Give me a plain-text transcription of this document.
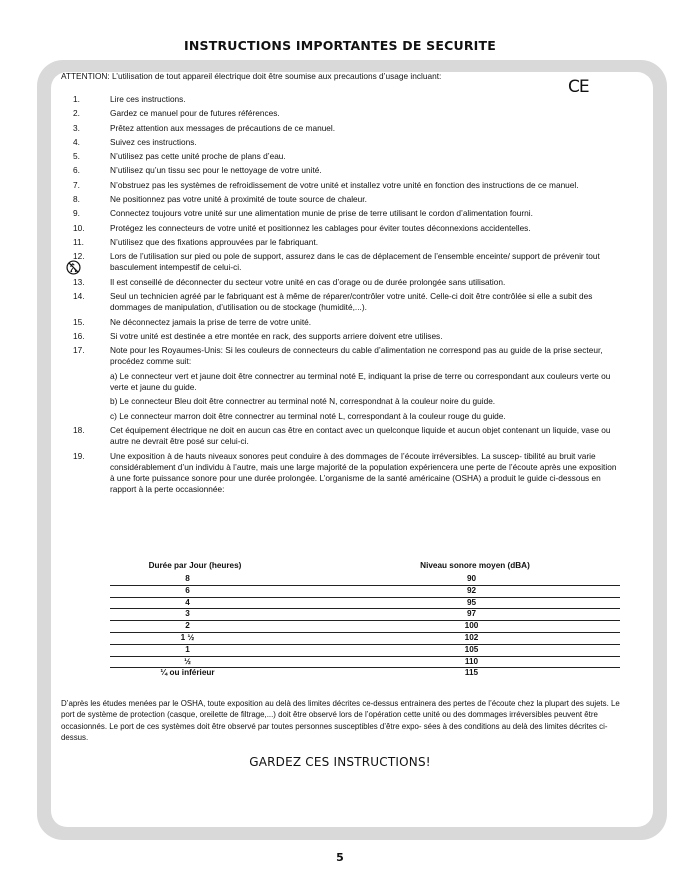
INSTRUCTIONS IMPORTANTES DE SECURITE
ATTENTION: L’utilisation de tout appareil électrique doit être soumise aux precautions d’usage incluant:
CE
1.	Lire ces instructions.

2.	Gardez ce manuel pour de futures références.

3.	Prêtez attention aux messages de précautions de ce manuel.

4.	Suivez ces instructions.

5.	N’utilisez pas cette unité proche de plans d’eau.

6.	N’utilisez qu’un tissu sec pour le nettoyage de votre unité.

7.	N’obstruez pas les systèmes de refroidissement de votre unité et installez votre unité en fonction des instructions de ce manuel.

8.	Ne positionnez pas votre unité à proximité de toute source de chaleur.

9.	Connectez toujours votre unité sur une alimentation munie de prise de terre utilisant le cordon d’alimentation fourni.

10.	Protégez les connecteurs de votre unité et positionnez les cablages pour éviter toutes déconnexions accidentelles.

11.	N’utilisez que des fixations approuvées par le fabriquant.

12.	Lors de l’utilisation sur pied ou pole de support, assurez dans le cas de déplacement de l’ensemble enceinte/ support de prévenir tout basculement intempestif de celui-ci.

13.	Il est conseillé de déconnecter du secteur votre unité en cas d’orage ou de durée prolongée sans utilisation.

14.	Seul un technicien agréé par le fabriquant est à même de réparer/contrôler votre unité. Celle-ci doit être contrôlée si elle a subit des dommages de manipulation, d’utilisation ou de stockage (humidité,...).

15.	Ne déconnectez jamais la prise de terre de votre unité.

16.	Si votre unité est destinée a etre montée en rack, des supports arriere doivent etre utilises.

17.	Note pour les Royaumes-Unis: Si les couleurs de connecteurs du cable d’alimentation ne correspond pas au guide de la prise secteur, procédez comme suit:

a) Le connecteur vert et jaune doit être connectrer au terminal noté E, indiquant la prise de terre ou correspondant aux couleurs verte ou verte et jaune du guide.

b) Le connecteur Bleu doit être connectrer au terminal noté N, correspondnat à la couleur noire du guide.

c) Le connecteur marron doit être connectrer au terminal noté L, correspondant à la couleur rouge du guide.

18.	Cet équipement électrique ne doit en aucun cas être en contact avec un quelconque liquide et aucun objet contenant un liquide, vase ou autre ne devrait être posé sur celui-ci.

19.	Une exposition à de hauts niveaux sonores peut conduire à des dommages de l’écoute irréversibles. La suscep- tibilité au bruit varie considérablement d’un individu à l’autre, mais une large majorité de la population expériencera une perte de l’écoute après une exposition à une forte puissance sonore pour une durée prolongée. L’organisme de la santé américaine (OSHA) a produit le guide ci-dessous en rapport à la perte occasionnée:

Durée par Jour (heures)	Niveau sonore moyen (dBA)
8	90
6	92
4	95
3	97
2	100
1 ½	102
1	105
½	110
¼ ou inférieur	115
D’après les études menées par le OSHA, toute exposition au delà des limites décrites ce-dessus entrainera des pertes de l’écoute chez la plupart des sujets. Le port de système de protection (casque, oreilette de filtrage,...) doit être observé lors de l’opération cette unité ou des dommages irréversibles peuvent être occasionnés. Le port de ces systèmes doit être observé par toutes personnes susceptibles d’être expo- sées à des conditions au delà des limites décrites ci-dessus.
GARDEZ CES INSTRUCTIONS!
5
